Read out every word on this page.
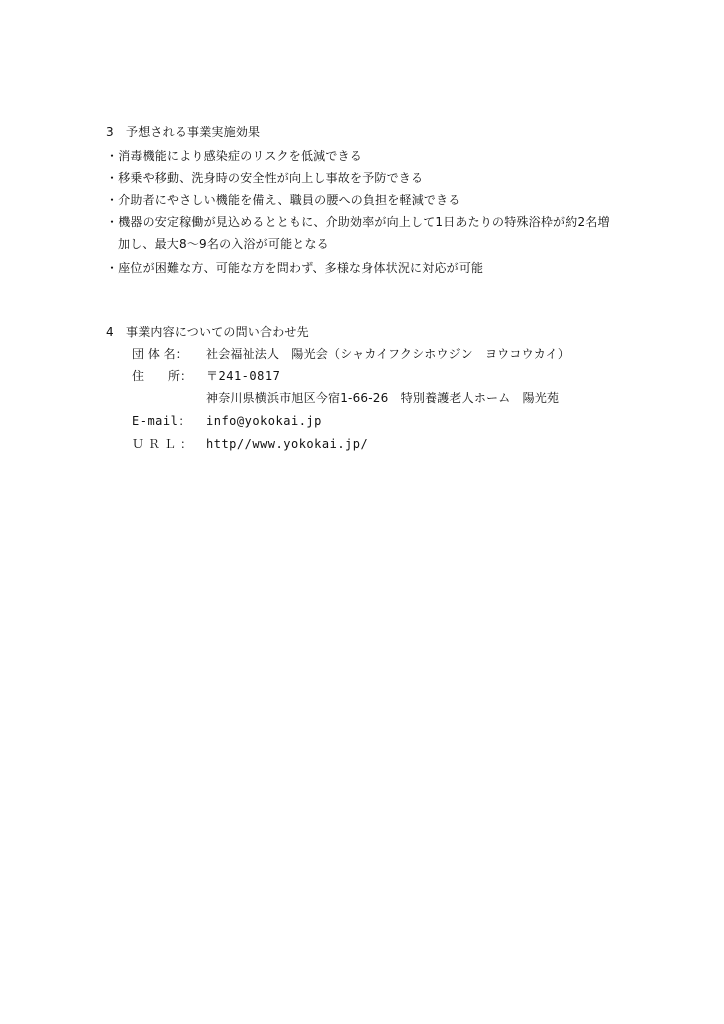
3　予想される事業実施効果
・消毒機能により感染症のリスクを低減できる
・移乗や移動、洗身時の安全性が向上し事故を予防できる
・介助者にやさしい機能を備え、職員の腰への負担を軽減できる
・機器の安定稼働が見込めるとともに、介助効率が向上して1日あたりの特殊浴枠が約2名増
加し、最大8～9名の入浴が可能となる
・座位が困難な方、可能な方を問わず、多様な身体状況に対応が可能
4　事業内容についての問い合わせ先
団 体 名： 社会福祉法人　陽光会（シャカイフクシホウジン　ヨウコウカイ）
住　　所： 〒241-0817
神奈川県横浜市旭区今宿1-66-26　特別養護老人ホーム　陽光苑
E-mail： info@yokokai.jp
ＵＲＬ： http//www.yokokai.jp/
